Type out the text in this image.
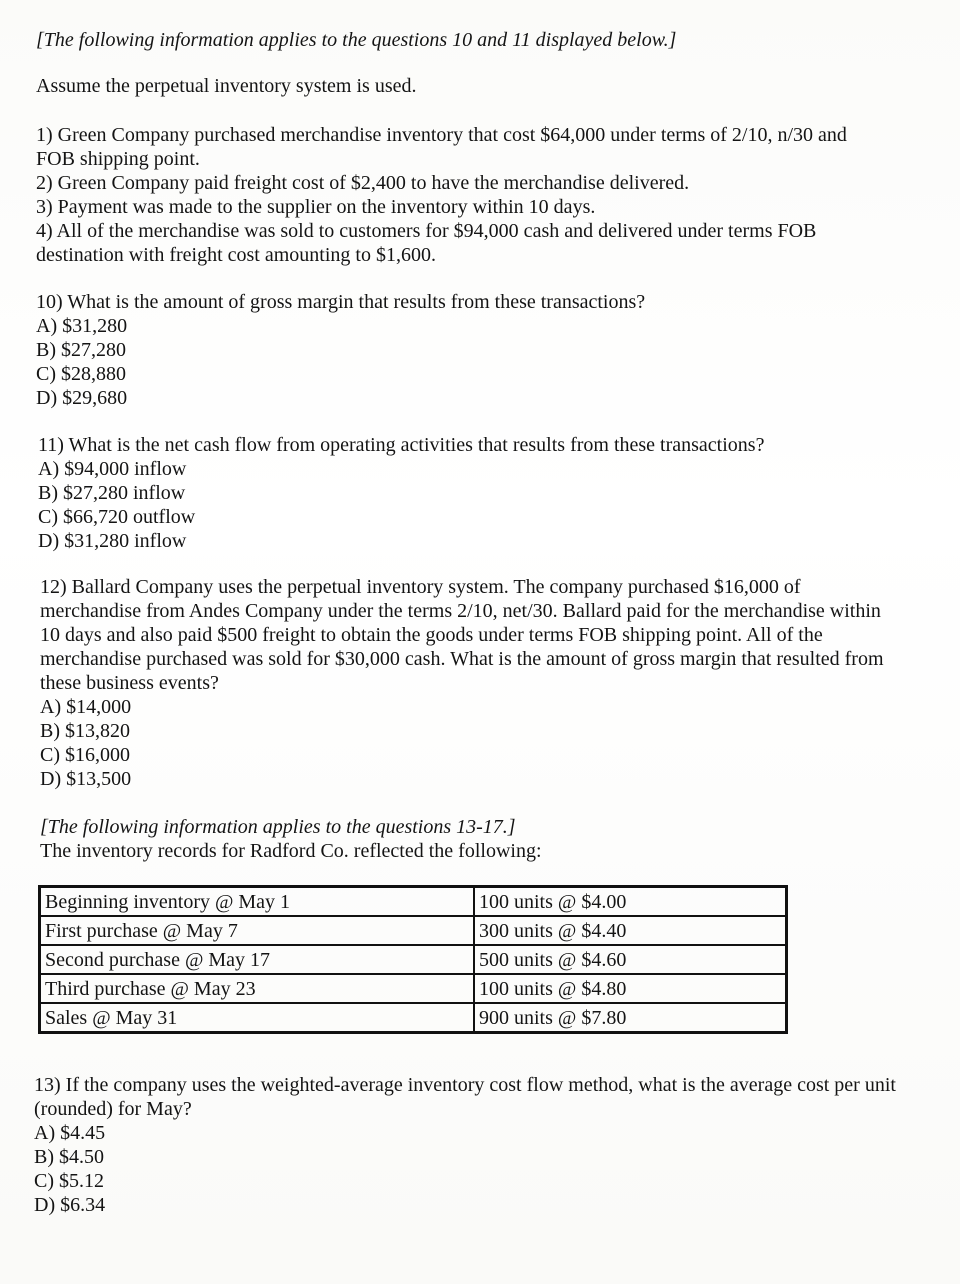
[The following information applies to the questions 10 and 11 displayed below.]

Assume the perpetual inventory system is used.

1) Green Company purchased merchandise inventory that cost $64,000 under terms of 2/10, n/30 and FOB shipping point.
2) Green Company paid freight cost of $2,400 to have the merchandise delivered.
3) Payment was made to the supplier on the inventory within 10 days.
4) All of the merchandise was sold to customers for $94,000 cash and delivered under terms FOB destination with freight cost amounting to $1,600.
10) What is the amount of gross margin that results from these transactions?
A) $31,280
B) $27,280
C) $28,880
D) $29,680
11) What is the net cash flow from operating activities that results from these transactions?
A) $94,000 inflow
B) $27,280 inflow
C) $66,720 outflow
D) $31,280 inflow
12) Ballard Company uses the perpetual inventory system. The company purchased $16,000 of merchandise from Andes Company under the terms 2/10, net/30. Ballard paid for the merchandise within 10 days and also paid $500 freight to obtain the goods under terms FOB shipping point. All of the merchandise purchased was sold for $30,000 cash. What is the amount of gross margin that resulted from these business events?
A) $14,000
B) $13,820
C) $16,000
D) $13,500

[The following information applies to the questions 13-17.]

The inventory records for Radford Co. reflected the following:

Beginning inventory @ May 1	100 units @ $4.00
First purchase @ May 7	300 units @ $4.40
Second purchase @ May 17	500 units @ $4.60
Third purchase @ May 23	100 units @ $4.80
Sales @ May 31	900 units @ $7.80
13) If the company uses the weighted-average inventory cost flow method, what is the average cost per unit (rounded) for May?
A) $4.45
B) $4.50
C) $5.12
D) $6.34
